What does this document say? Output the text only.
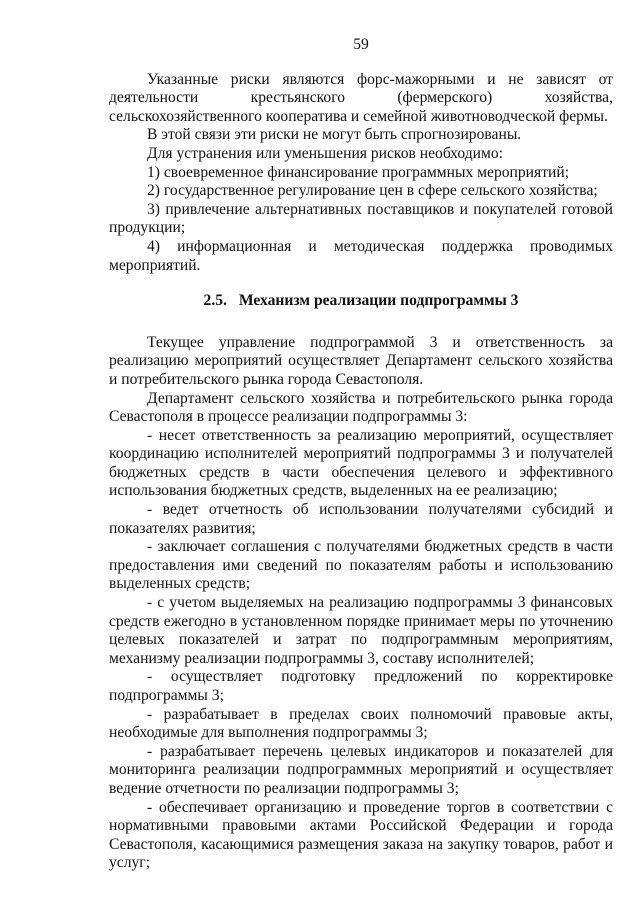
59

Указанные риски являются форс-мажорными и не зависят от деятельности крестьянского (фермерского) хозяйства, сельскохозяйственного кооператива и семейной животноводческой фермы.

В этой связи эти риски не могут быть спрогнозированы.

Для устранения или уменьшения рисков необходимо:

1) своевременное финансирование программных мероприятий;

2) государственное регулирование цен в сфере сельского хозяйства;

3) привлечение альтернативных поставщиков и покупателей готовой продукции;

4) информационная и методическая поддержка проводимых мероприятий.

2.5. Механизм реализации подпрограммы 3

Текущее управление подпрограммой 3 и ответственность за реализацию мероприятий осуществляет Департамент сельского хозяйства и потребительского рынка города Севастополя.

Департамент сельского хозяйства и потребительского рынка города Севастополя в процессе реализации подпрограммы 3:

- несет ответственность за реализацию мероприятий, осуществляет координацию исполнителей мероприятий подпрограммы 3 и получателей бюджетных средств в части обеспечения целевого и эффективного использования бюджетных средств, выделенных на ее реализацию;

- ведет отчетность об использовании получателями субсидий и показателях развития;

- заключает соглашения с получателями бюджетных средств в части предоставления ими сведений по показателям работы и использованию выделенных средств;

- с учетом выделяемых на реализацию подпрограммы 3 финансовых средств ежегодно в установленном порядке принимает меры по уточнению целевых показателей и затрат по подпрограммным мероприятиям, механизму реализации подпрограммы 3, составу исполнителей;

- осуществляет подготовку предложений по корректировке подпрограммы 3;

- разрабатывает в пределах своих полномочий правовые акты, необходимые для выполнения подпрограммы 3;

- разрабатывает перечень целевых индикаторов и показателей для мониторинга реализации подпрограммных мероприятий и осуществляет ведение отчетности по реализации подпрограммы 3;

- обеспечивает организацию и проведение торгов в соответствии с нормативными правовыми актами Российской Федерации и города Севастополя, касающимися размещения заказа на закупку товаров, работ и услуг;
